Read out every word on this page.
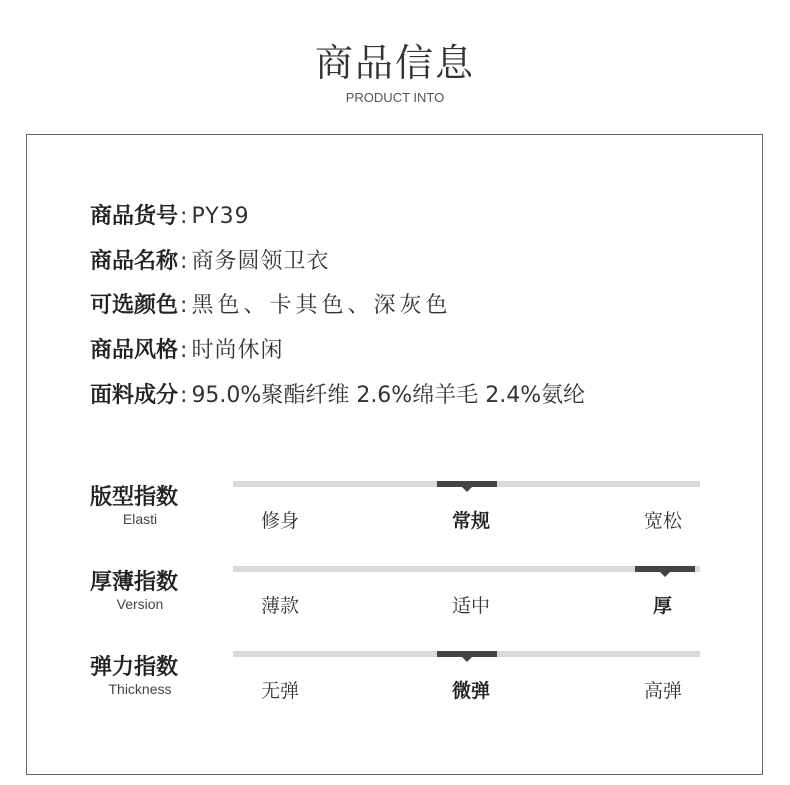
商品信息
PRODUCT INTO
商品货号: PY39
商品名称: 商务圆领卫衣
可选颜色: 黑色、卡其色、深灰色
商品风格: 时尚休闲
面料成分: 95.0%聚酯纤维 2.6%绵羊毛 2.4%氨纶
版型指数
Elasti	修身	常规	宽松
厚薄指数
Version	薄款	适中	厚
弹力指数
Thickness	无弹	微弹	高弹
